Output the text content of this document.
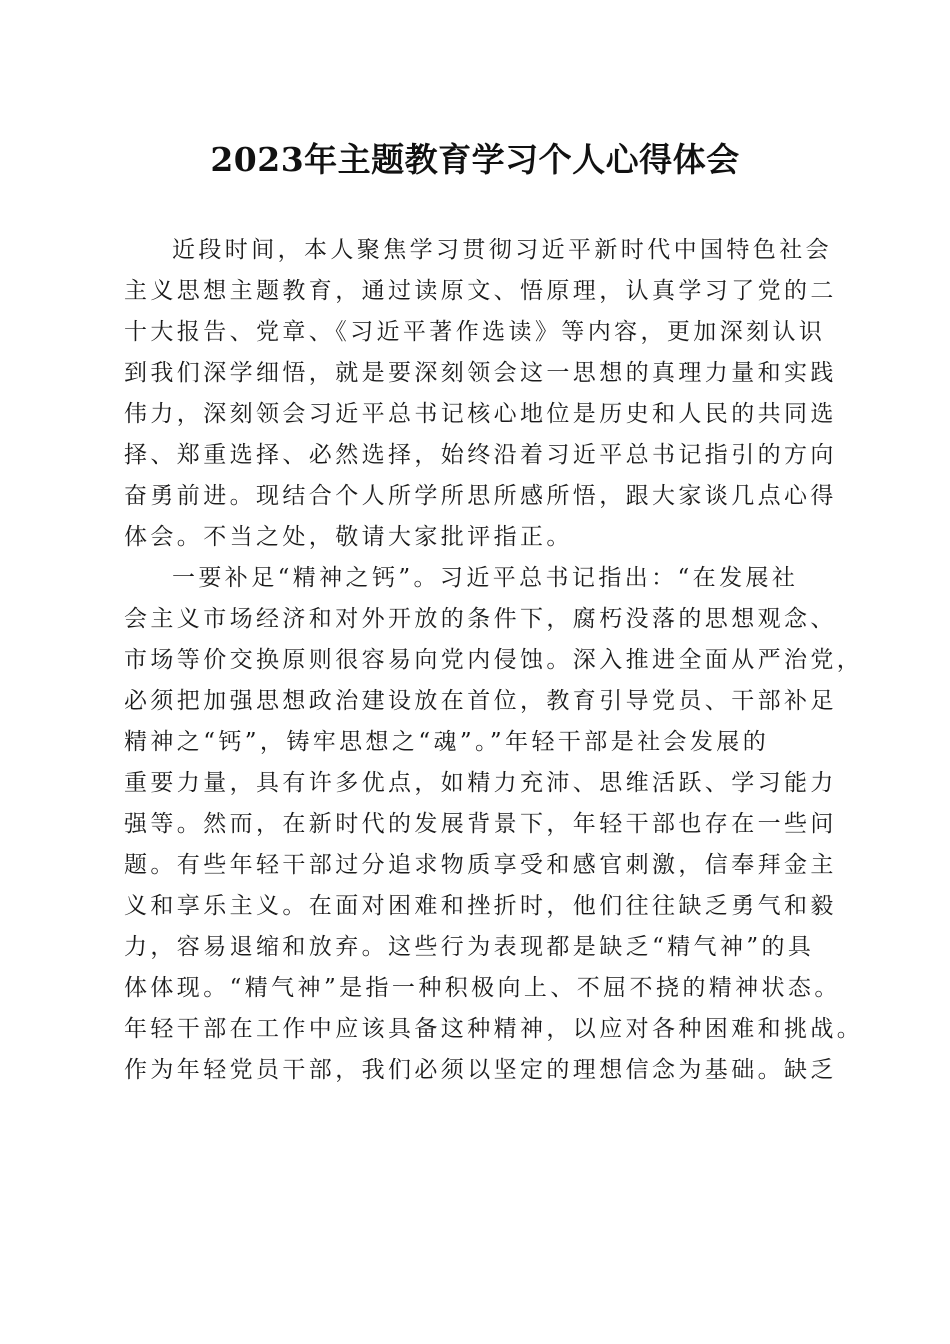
2023年主题教育学习个人心得体会
近段时间，本人聚焦学习贯彻习近平新时代中国特色社会
主义思想主题教育，通过读原文、悟原理，认真学习了党的二
十大报告、党章、《习近平著作选读》等内容，更加深刻认识
到我们深学细悟，就是要深刻领会这一思想的真理力量和实践
伟力，深刻领会习近平总书记核心地位是历史和人民的共同选
择、郑重选择、必然选择，始终沿着习近平总书记指引的方向
奋勇前进。现结合个人所学所思所感所悟，跟大家谈几点心得
体会。不当之处，敬请大家批评指正。
一要补足“精神之钙”。习近平总书记指出：“在发展社
会主义市场经济和对外开放的条件下，腐朽没落的思想观念、
市场等价交换原则很容易向党内侵蚀。深入推进全面从严治党，
必须把加强思想政治建设放在首位，教育引导党员、干部补足
精神之“钙”，铸牢思想之“魂”。”年轻干部是社会发展的
重要力量，具有许多优点，如精力充沛、思维活跃、学习能力
强等。然而，在新时代的发展背景下，年轻干部也存在一些问
题。有些年轻干部过分追求物质享受和感官刺激，信奉拜金主
义和享乐主义。在面对困难和挫折时，他们往往缺乏勇气和毅
力，容易退缩和放弃。这些行为表现都是缺乏“精气神”的具
体体现。“精气神”是指一种积极向上、不屈不挠的精神状态。
年轻干部在工作中应该具备这种精神，以应对各种困难和挑战。
作为年轻党员干部，我们必须以坚定的理想信念为基础。缺乏
